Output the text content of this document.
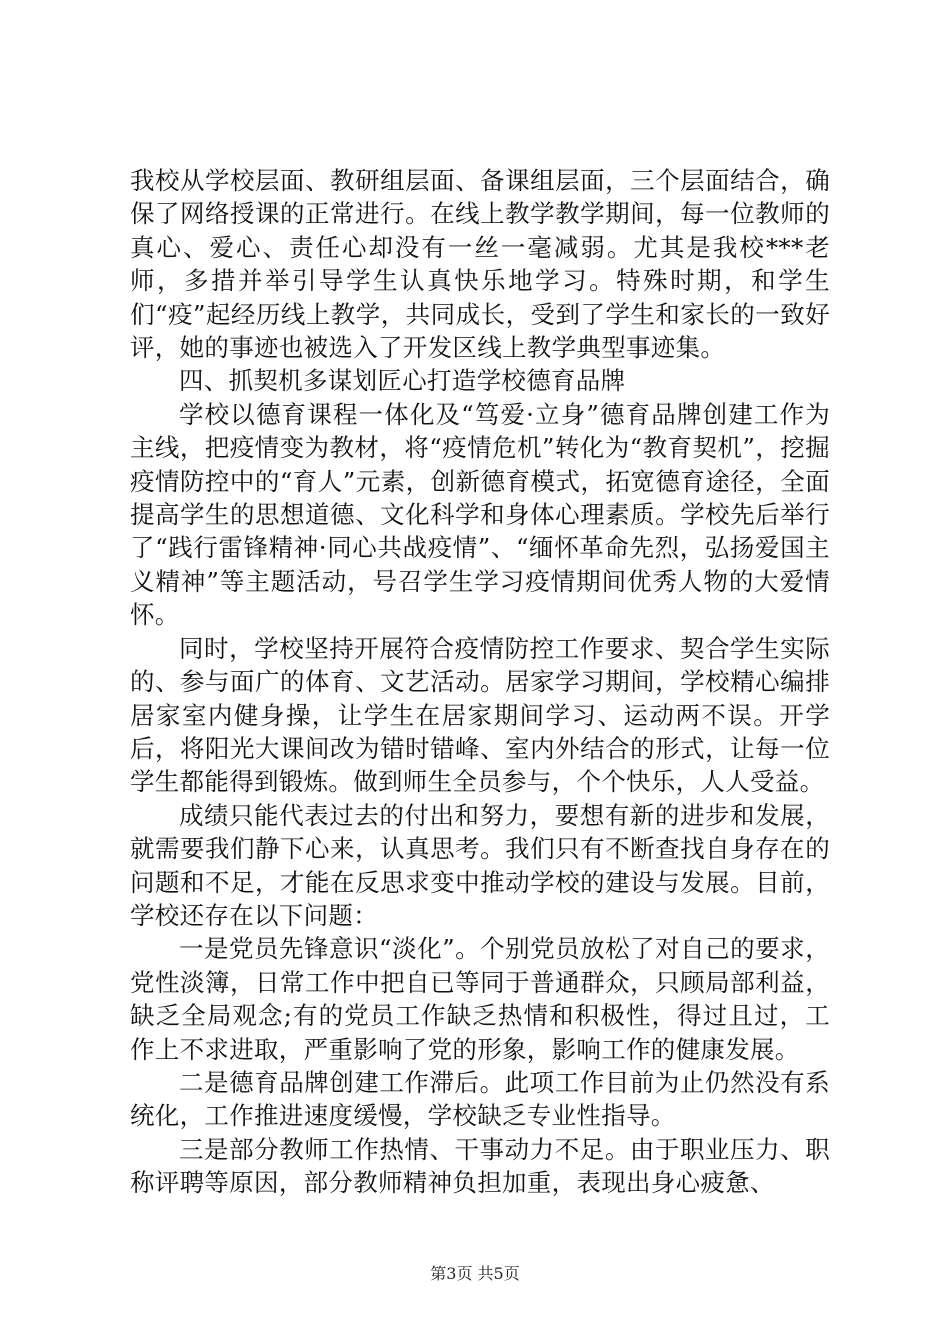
我校从学校层面、教研组层面、备课组层面，三个层面结合，确保了网络授课的正常进行。在线上教学教学期间，每一位教师的真心、爱心、责任心却没有一丝一毫减弱。尤其是我校***老师，多措并举引导学生认真快乐地学习。特殊时期，和学生们“疫”起经历线上教学，共同成长，受到了学生和家长的一致好评，她的事迹也被选入了开发区线上教学典型事迹集。

四、抓契机多谋划匠心打造学校德育品牌

学校以德育课程一体化及“笃爱·立身”德育品牌创建工作为主线，把疫情变为教材，将“疫情危机”转化为“教育契机”，挖掘疫情防控中的“育人”元素，创新德育模式，拓宽德育途径，全面提高学生的思想道德、文化科学和身体心理素质。学校先后举行了“践行雷锋精神·同心共战疫情”、“缅怀革命先烈，弘扬爱国主义精神”等主题活动，号召学生学习疫情期间优秀人物的大爱情怀。

同时，学校坚持开展符合疫情防控工作要求、契合学生实际的、参与面广的体育、文艺活动。居家学习期间，学校精心编排居家室内健身操，让学生在居家期间学习、运动两不误。开学后，将阳光大课间改为错时错峰、室内外结合的形式，让每一位学生都能得到锻炼。做到师生全员参与，个个快乐，人人受益。

成绩只能代表过去的付出和努力，要想有新的进步和发展，就需要我们静下心来，认真思考。我们只有不断查找自身存在的问题和不足，才能在反思求变中推动学校的建设与发展。目前，学校还存在以下问题：

一是党员先锋意识“淡化”。个别党员放松了对自己的要求，党性淡簿，日常工作中把自已等同于普通群众，只顾局部利益，缺乏全局观念;有的党员工作缺乏热情和积极性，得过且过，工作上不求进取，严重影响了党的形象，影响工作的健康发展。

二是德育品牌创建工作滞后。此项工作目前为止仍然没有系统化，工作推进速度缓慢，学校缺乏专业性指导。

三是部分教师工作热情、干事动力不足。由于职业压力、职称评聘等原因，部分教师精神负担加重，表现出身心疲惫、

第3页 共5页
